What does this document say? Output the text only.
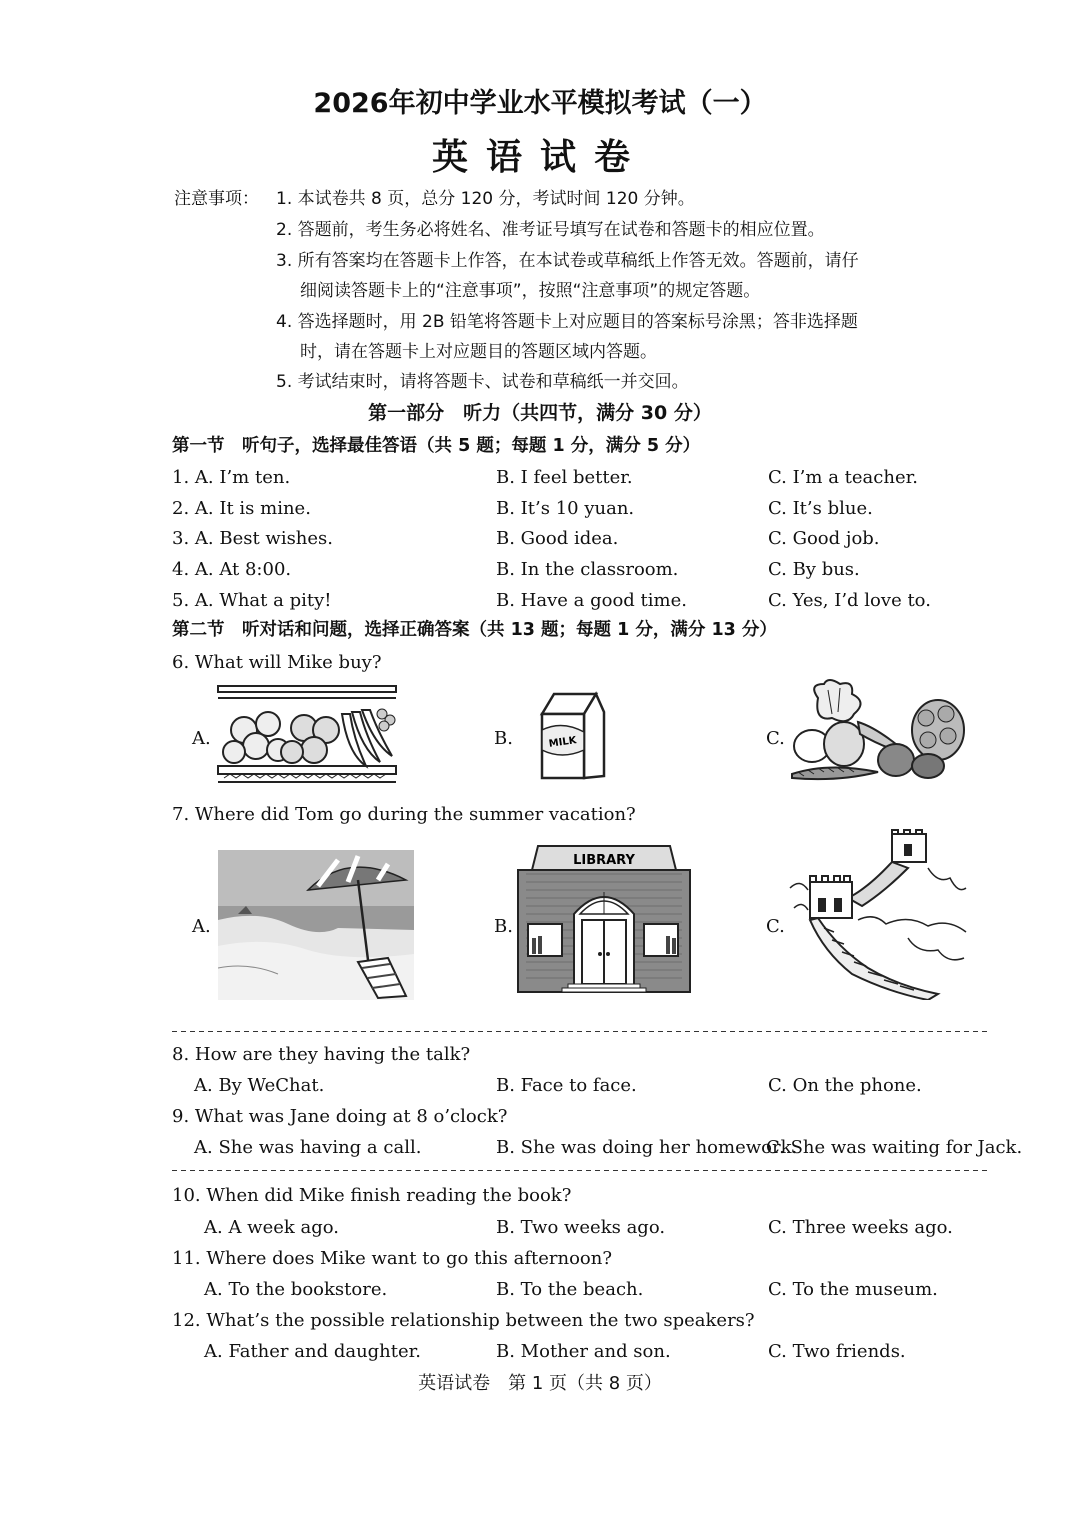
2026年初中学业水平模拟考试（一）
英语试卷
注意事项： 1. 本试卷共 8 页，总分 120 分，考试时间 120 分钟。
2. 答题前，考生务必将姓名、准考证号填写在试卷和答题卡的相应位置。
3. 所有答案均在答题卡上作答，在本试卷或草稿纸上作答无效。答题前，请仔
细阅读答题卡上的“注意事项”，按照“注意事项”的规定答题。
4. 答选择题时，用 2B 铅笔将答题卡上对应题目的答案标号涂黑；答非选择题
时，请在答题卡上对应题目的答题区域内答题。
5. 考试结束时，请将答题卡、试卷和草稿纸一并交回。
第一部分　听力（共四节，满分 30 分）
第一节　听句子，选择最佳答语（共 5 题；每题 1 分，满分 5 分）
1. A. I’m ten.	B. I feel better.	C. I’m a teacher.
2. A. It is mine.	B. It’s 10 yuan.	C. It’s blue.
3. A. Best wishes.	B. Good idea.	C. Good job.
4. A. At 8:00.	B. In the classroom.	C. By bus.
5. A. What a pity!	B. Have a good time.	C. Yes, I’d love to.
第二节　听对话和问题，选择正确答案（共 13 题；每题 1 分，满分 13 分）
6. What will Mike buy?
A.	B.	C.
MILK
7. Where did Tom go during the summer vacation?
A.	B.	C.
LIBRARY
8. How are they having the talk?
A. By WeChat.	B. Face to face.	C. On the phone.
9. What was Jane doing at 8 o’clock?
A. She was having a call.	B. She was doing her homework.
C. She was waiting for Jack.
10. When did Mike finish reading the book?
A. A week ago.	B. Two weeks ago.	C. Three weeks ago.
11. Where does Mike want to go this afternoon?
A. To the bookstore.	B. To the beach.	C. To the museum.
12. What’s the possible relationship between the two speakers?
A. Father and daughter.	B. Mother and son.	C. Two friends.
英语试卷　第 1 页（共 8 页）
